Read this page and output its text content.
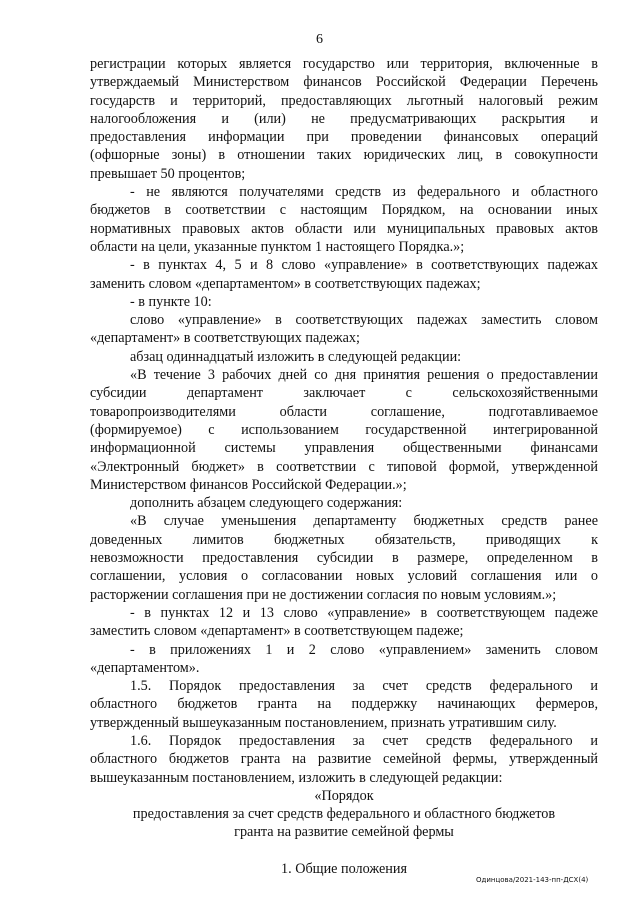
6

регистрации которых является государство или территория, включенные в

утверждаемый Министерством финансов Российской Федерации Перечень

государств и территорий, предоставляющих льготный налоговый режим

налогообложения и (или) не предусматривающих раскрытия и

предоставления информации при проведении финансовых операций

(офшорные зоны) в отношении таких юридических лиц, в совокупности

превышает 50 процентов;

- не являются получателями средств из федерального и областного

бюджетов в соответствии с настоящим Порядком, на основании иных

нормативных правовых актов области или муниципальных правовых актов

области на цели, указанные пунктом 1 настоящего Порядка.»;

- в пунктах 4, 5 и 8 слово «управление» в соответствующих падежах

заменить словом «департаментом» в соответствующих падежах;

- в пункте 10:

слово «управление» в соответствующих падежах заместить словом

«департамент» в соответствующих падежах;

абзац одиннадцатый изложить в следующей редакции:

«В течение 3 рабочих дней со дня принятия решения о предоставлении

субсидии департамент заключает с сельскохозяйственными

товаропроизводителями области соглашение, подготавливаемое

(формируемое) с использованием государственной интегрированной

информационной системы управления общественными финансами

«Электронный бюджет» в соответствии с типовой формой, утвержденной

Министерством финансов Российской Федерации.»;

дополнить абзацем следующего содержания:

«В случае уменьшения департаменту бюджетных средств ранее

доведенных лимитов бюджетных обязательств, приводящих к

невозможности предоставления субсидии в размере, определенном в

соглашении, условия о согласовании новых условий соглашения или о

расторжении соглашения при не достижении согласия по новым условиям.»;

- в пунктах 12 и 13 слово «управление» в соответствующем падеже

заместить словом «департамент» в соответствующем падеже;

- в приложениях 1 и 2 слово «управлением» заменить словом

«департаментом».

1.5. Порядок предоставления за счет средств федерального и

областного бюджетов гранта на поддержку начинающих фермеров,

утвержденный вышеуказанным постановлением, признать утратившим силу.

1.6. Порядок предоставления за счет средств федерального и

областного бюджетов гранта на развитие семейной фермы, утвержденный

вышеуказанным постановлением, изложить в следующей редакции:

«Порядок

предоставления за счет средств федерального и областного бюджетов

гранта на развитие семейной фермы

1. Общие положения

Одинцова/2021-143-пп-ДСХ(4)
